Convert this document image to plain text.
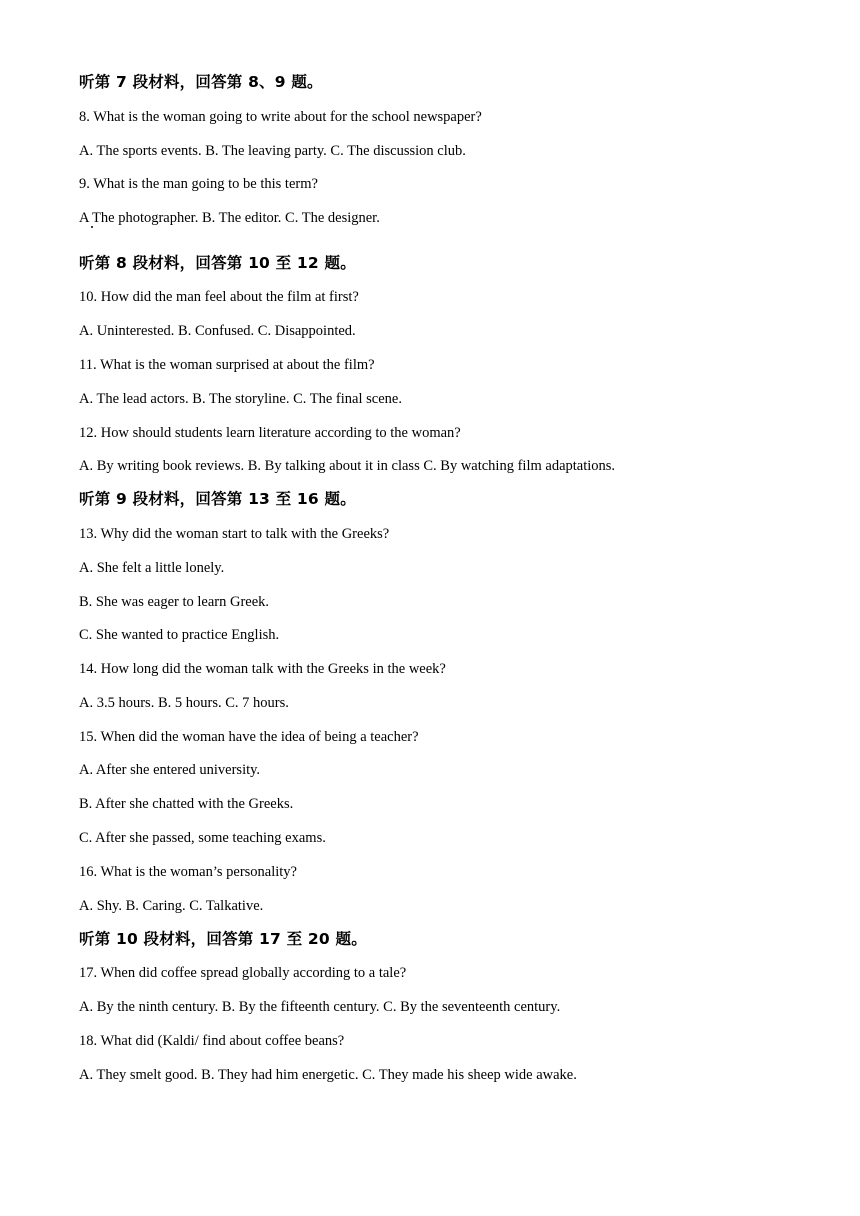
听第 7 段材料，回答第 8、9 题。
8. What is the woman going to write about for the school newspaper?
A. The sports events. B. The leaving party. C. The discussion club.
9. What is the man going to be this term?
A The photographer. B. The editor. C. The designer.
听第 8 段材料，回答第 10 至 12 题。
10. How did the man feel about the film at first?
A. Uninterested. B. Confused. C. Disappointed.
11. What is the woman surprised at about the film?
A. The lead actors. B. The storyline. C. The final scene.
12. How should students learn literature according to the woman?
A. By writing book reviews. B. By talking about it in class C. By watching film adaptations.
听第 9 段材料，回答第 13 至 16 题。
13. Why did the woman start to talk with the Greeks?
A. She felt a little lonely.
B. She was eager to learn Greek.
C. She wanted to practice English.
14. How long did the woman talk with the Greeks in the week?
A. 3.5 hours. B. 5 hours. C. 7 hours.
15. When did the woman have the idea of being a teacher?
A. After she entered university.
B. After she chatted with the Greeks.
C. After she passed, some teaching exams.
16. What is the woman’s personality?
A. Shy. B. Caring. C. Talkative.
听第 10 段材料，回答第 17 至 20 题。
17. When did coffee spread globally according to a tale?
A. By the ninth century. B. By the fifteenth century. C. By the seventeenth century.
18. What did (Kaldi/ find about coffee beans?
A. They smelt good. B. They had him energetic. C. They made his sheep wide awake.
